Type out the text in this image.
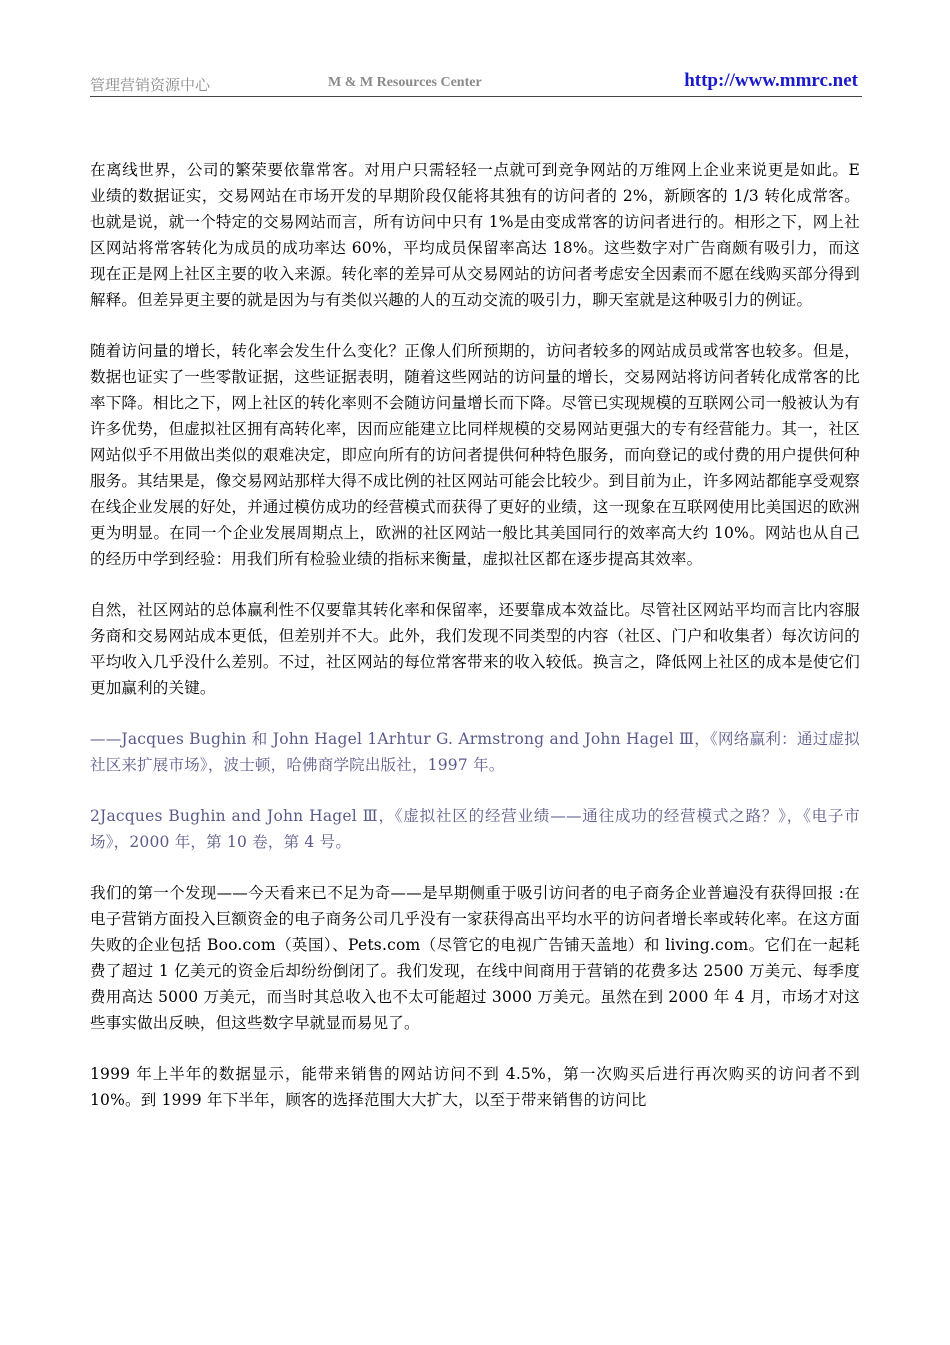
管理营销资源中心	M & M Resources Center	http://www.mmrc.net

在离线世界，公司的繁荣要依靠常客。对用户只需轻轻一点就可到竞争网站的万维网上企业来说更是如此。E 业绩的数据证实，交易网站在市场开发的早期阶段仅能将其独有的访问者的 2%，新顾客的 1/3 转化成常客。也就是说，就一个特定的交易网站而言，所有访问中只有 1%是由变成常客的访问者进行的。相形之下，网上社区网站将常客转化为成员的成功率达 60%，平均成员保留率高达 18%。这些数字对广告商颇有吸引力，而这现在正是网上社区主要的收入来源。转化率的差异可从交易网站的访问者考虑安全因素而不愿在线购买部分得到解释。但差异更主要的就是因为与有类似兴趣的人的互动交流的吸引力，聊天室就是这种吸引力的例证。

随着访问量的增长，转化率会发生什么变化？正像人们所预期的，访问者较多的网站成员或常客也较多。但是，数据也证实了一些零散证据，这些证据表明，随着这些网站的访问量的增长，交易网站将访问者转化成常客的比率下降。相比之下，网上社区的转化率则不会随访问量增长而下降。尽管已实现规模的互联网公司一般被认为有许多优势，但虚拟社区拥有高转化率，因而应能建立比同样规模的交易网站更强大的专有经营能力。其一，社区网站似乎不用做出类似的艰难决定，即应向所有的访问者提供何种特色服务，而向登记的或付费的用户提供何种服务。其结果是，像交易网站那样大得不成比例的社区网站可能会比较少。到目前为止，许多网站都能享受观察在线企业发展的好处，并通过模仿成功的经营模式而获得了更好的业绩，这一现象在互联网使用比美国迟的欧洲更为明显。在同一个企业发展周期点上，欧洲的社区网站一般比其美国同行的效率高大约 10%。网站也从自己的经历中学到经验：用我们所有检验业绩的指标来衡量，虚拟社区都在逐步提高其效率。

自然，社区网站的总体赢利性不仅要靠其转化率和保留率，还要靠成本效益比。尽管社区网站平均而言比内容服务商和交易网站成本更低，但差别并不大。此外，我们发现不同类型的内容（社区、门户和收集者）每次访问的平均收入几乎没什么差别。不过，社区网站的每位常客带来的收入较低。换言之，降低网上社区的成本是使它们更加赢利的关键。

——Jacques Bughin 和 John Hagel 1Arhtur G. Armstrong and John Hagel Ⅲ，《网络赢利：通过虚拟社区来扩展市场》，波士顿，哈佛商学院出版社，1997 年。

2Jacques Bughin and John Hagel Ⅲ，《虚拟社区的经营业绩——通往成功的经营模式之路？》，《电子市场》，2000 年，第 10 卷，第 4 号。

我们的第一个发现——今天看来已不足为奇——是早期侧重于吸引访问者的电子商务企业普遍没有获得回报 :在电子营销方面投入巨额资金的电子商务公司几乎没有一家获得高出平均水平的访问者增长率或转化率。在这方面失败的企业包括 Boo.com（英国）、Pets.com（尽管它的电视广告铺天盖地）和 living.com。它们在一起耗费了超过 1 亿美元的资金后却纷纷倒闭了。我们发现，在线中间商用于营销的花费多达 2500 万美元、每季度费用高达 5000 万美元，而当时其总收入也不太可能超过 3000 万美元。虽然在到 2000 年 4 月，市场才对这些事实做出反映，但这些数字早就显而易见了。

1999 年上半年的数据显示，能带来销售的网站访问不到 4.5%，第一次购买后进行再次购买的访问者不到 10%。到 1999 年下半年，顾客的选择范围大大扩大，以至于带来销售的访问比
